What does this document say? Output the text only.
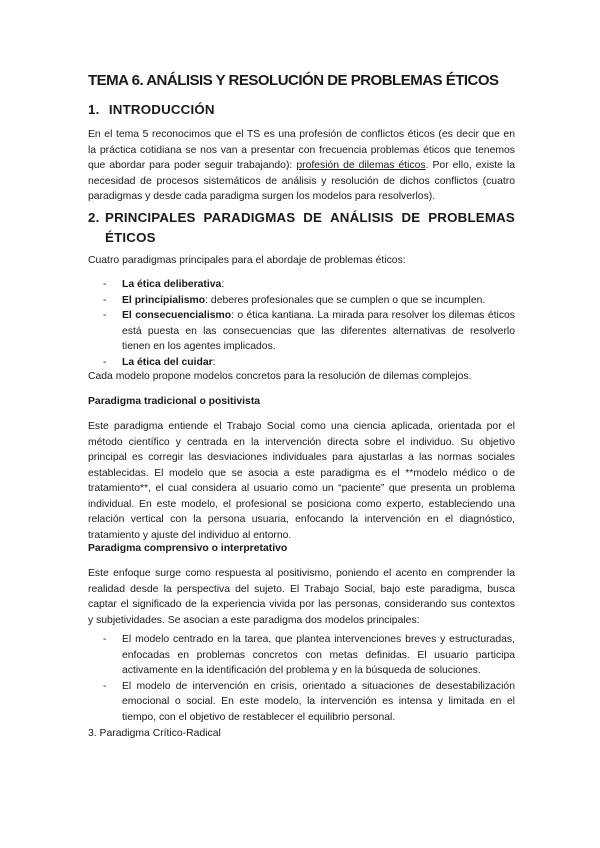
TEMA 6. ANÁLISIS Y RESOLUCIÓN DE PROBLEMAS ÉTICOS
1. INTRODUCCIÓN
En el tema 5 reconocimos que el TS es una profesión de conflictos éticos (es decir que en
la práctica cotidiana se nos van a presentar con frecuencia problemas éticos que tenemos
que abordar para poder seguir trabajando): profesión de dilemas éticos. Por ello, existe la
necesidad de procesos sistemáticos de análisis y resolución de dichos conflictos (cuatro
paradigmas y desde cada paradigma surgen los modelos para resolverlos).
2. PRINCIPALES PARADIGMAS DE ANÁLISIS DE PROBLEMAS
ÉTICOS

Cuatro paradigmas principales para el abordaje de problemas éticos:

- La ética deliberativa:
- El principialismo: deberes profesionales que se cumplen o que se incumplen.
- El consecuencialismo: o ética kantiana. La mirada para resolver los dilemas éticos
está puesta en las consecuencias que las diferentes alternativas de resolverlo
tienen en los agentes implicados.
- La ética del cuidar:

Cada modelo propone modelos concretos para la resolución de dilemas complejos.

Paradigma tradicional o positivista

Este paradigma entiende el Trabajo Social como una ciencia aplicada, orientada por el
método científico y centrada en la intervención directa sobre el individuo. Su objetivo
principal es corregir las desviaciones individuales para ajustarlas a las normas sociales
establecidas. El modelo que se asocia a este paradigma es el **modelo médico o de
tratamiento**, el cual considera al usuario como un “paciente” que presenta un problema
individual. En este modelo, el profesional se posiciona como experto, estableciendo una
relación vertical con la persona usuaria, enfocando la intervención en el diagnóstico,
tratamiento y ajuste del individuo al entorno.

Paradigma comprensivo o interpretativo

Este enfoque surge como respuesta al positivismo, poniendo el acento en comprender la
realidad desde la perspectiva del sujeto. El Trabajo Social, bajo este paradigma, busca
captar el significado de la experiencia vivida por las personas, considerando sus contextos
y subjetividades. Se asocian a este paradigma dos modelos principales:
- El modelo centrado en la tarea, que plantea intervenciones breves y estructuradas,
enfocadas en problemas concretos con metas definidas. El usuario participa
activamente en la identificación del problema y en la búsqueda de soluciones.
- El modelo de intervención en crisis, orientado a situaciones de desestabilización
emocional o social. En este modelo, la intervención es intensa y limitada en el
tiempo, con el objetivo de restablecer el equilibrio personal.

3. Paradigma Crítico-Radical
